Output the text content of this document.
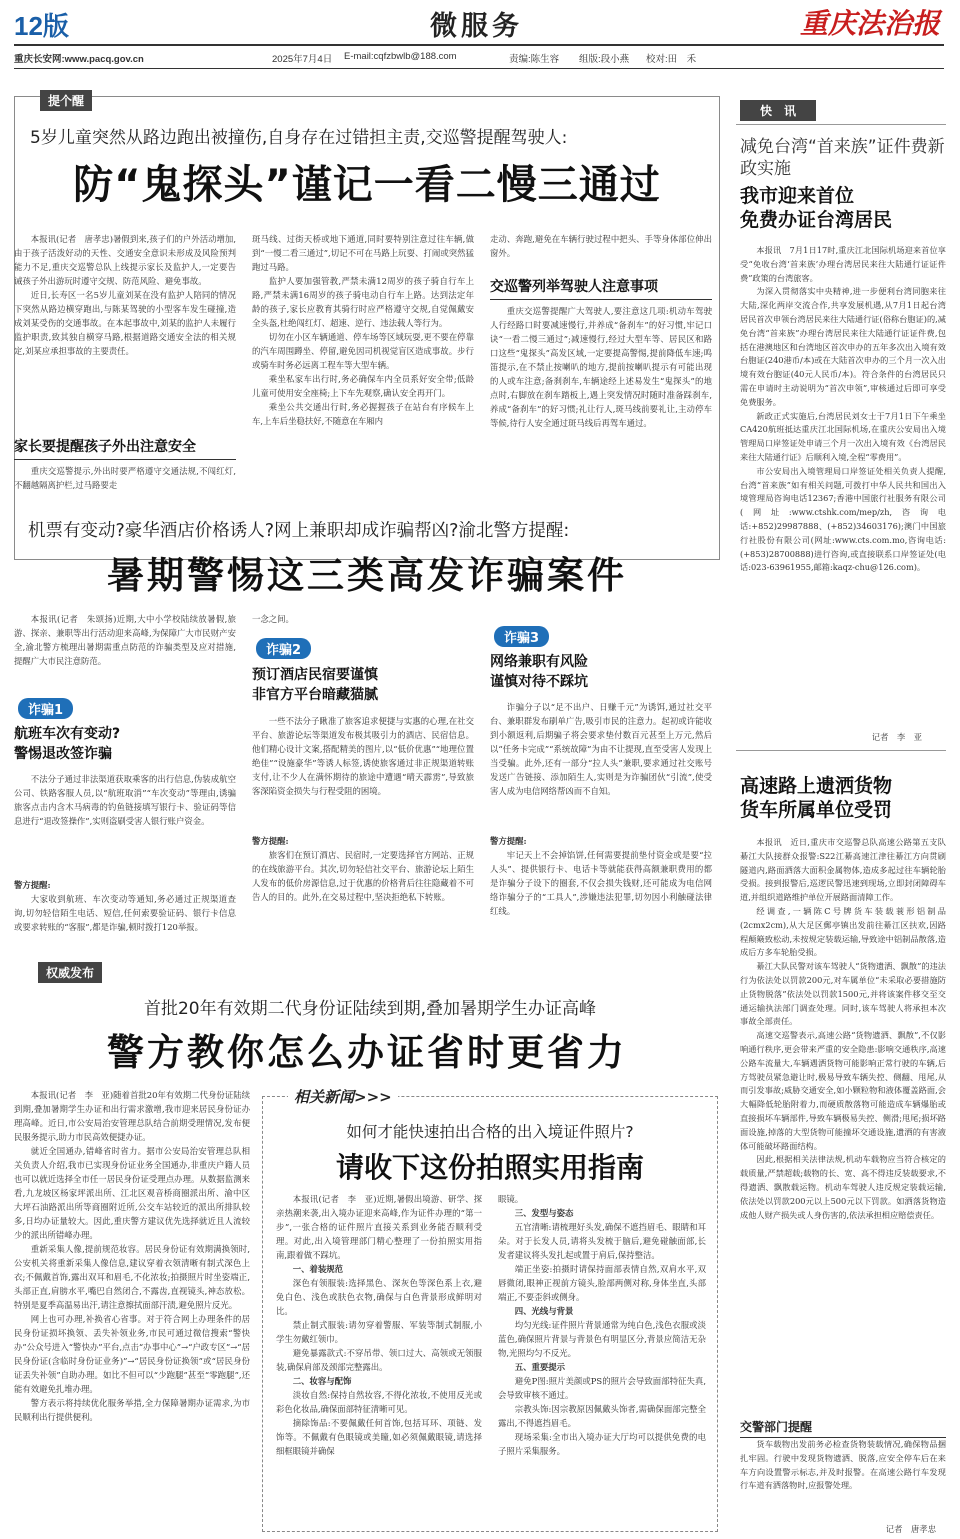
12版	微服务	重庆法治报
重庆长安网:www.pacq.gov.cn	2025年7月4日 E-mail:cqfzbwlb@188.com	责编:陈生容 组版:段小燕 校对:田　禾
提个醒
5岁儿童突然从路边跑出被撞伤,自身存在过错担主责,交巡警提醒驾驶人:
防“鬼探头”谨记一看二慢三通过

本报讯(记者　唐孝忠)暑假到来,孩子们的户外活动增加,由于孩子活泼好动的天性、交通安全意识未形成及风险预判能力不足,重庆交巡警总队上线提示家长及监护人,一定要告诫孩子外出游玩时遵守交规、防范风险、避免事故。

近日,长寿区一名5岁儿童刘某在没有监护人陪同的情况下突然从路边横穿跑出,与陈某驾驶的小型客车发生碰撞,造成刘某受伤的交通事故。在本起事故中,刘某的监护人未履行监护职责,致其独自横穿马路,根据道路交通安全法的相关规定,刘某应承担事故的主要责任。

家长要提醒孩子外出注意安全

重庆交巡警提示,外出时要严格遵守交通法规,不闯红灯,不翻越隔离护栏,过马路要走

斑马线、过街天桥或地下通道,同时要特别注意过往车辆,做到“一慢二看三通过”,切记不可在马路上玩耍、打闹或突然猛跑过马路。

监护人要加强管教,严禁未满12周岁的孩子骑自行车上路,严禁未满16周岁的孩子骑电动自行车上路。达到法定年龄的孩子,家长应教育其骑行时应严格遵守交规,自觉佩戴安全头盔,杜绝闯红灯、超速、逆行、违法载人等行为。

切勿在小区车辆通道、停车场等区域玩耍,更不要在停靠的汽车周围蹲坐、停留,避免因司机视觉盲区造成事故。步行或骑车时务必远离工程车等大型车辆。

乘坐私家车出行时,务必确保车内全员系好安全带;低龄儿童可使用安全座椅;上下车先观察,确认安全再开门。

乘坐公共交通出行时,务必握握孩子在站台有序候车上车,上车后坐稳扶好,不随意在车厢内

走动、奔跑,避免在车辆行驶过程中把头、手等身体部位伸出窗外。

交巡警列举驾驶人注意事项

重庆交巡警提醒广大驾驶人,要注意这几项:机动车驾驶人行经路口时要减速慢行,并养成“备刹车”的好习惯,牢记口诀“一看二慢三通过”;减速慢行,经过大型车等、居民区和路口这些“鬼探头”高发区域,一定要提高警惕,提前降低车速;鸣笛提示,在不禁止按喇叭的地方,提前按喇叭提示有可能出现的人或车注意;备刹刹车,车辆途经上述易发生“鬼探头”的地点时,右脚放在刹车踏板上,遇上突发情况时随时准备踩刹车,养成“备刹车”的好习惯;礼让行人,斑马线前要礼让,主动停车等候,待行人安全通过斑马线后再驾车通过。

机票有变动?豪华酒店价格诱人?网上兼职却成诈骗帮凶?渝北警方提醒:
暑期警惕这三类高发诈骗案件

本报讯(记者　朱颂扬)近期,大中小学校陆续放暑假,旅游、探亲、兼职等出行活动迎来高峰,为保障广大市民财产安全,渝北警方梳理出暑期需重点防范的诈骗类型及应对措施,提醒广大市民注意防范。

诈骗1
航班车次有变动?
警惕退改签诈骗

不法分子通过非法渠道获取乘客的出行信息,伪装成航空公司、铁路客服人员,以“航班取消”“车次变动”等理由,诱骗旅客点击内含木马病毒的钓鱼链接填写银行卡、验证码等信息进行“退改签操作”,实则盗刷受害人银行账户资金。

警方提醒:

大家收到航班、车次变动等通知,务必通过正规渠道查询,切勿轻信陌生电话、短信,任何索要验证码、银行卡信息或要求转账的“客服”,都是诈骗,顿时拨打120举报。

一念之间。

诈骗2
预订酒店民宿要谨慎
非官方平台暗藏猫腻

一些不法分子瞅准了旅客追求便捷与实惠的心理,在社交平台、旅游论坛等渠道发布极其吸引力的酒店、民宿信息。他们精心设计文案,搭配精美的图片,以“低价优惠”“地理位置绝佳”“设施豪华”等诱人标签,诱使旅客通过非正规渠道转账支付,让不少人在满怀期待的旅途中遭遇“晴天霹雳”,导致旅客深陷资金损失与行程受阻的困境。

警方提醒:

旅客们在预订酒店、民宿时,一定要选择官方网站、正规的在线旅游平台。其次,切勿轻信社交平台、旅游论坛上陌生人发布的低价房源信息,过于优惠的价格背后往往隐藏着不可告人的目的。此外,在交易过程中,坚决拒绝私下转账。

诈骗3
网络兼职有风险
谨慎对待不踩坑

诈骗分子以“足不出户、日赚千元”为诱饵,通过社交平台、兼职群发布刷单广告,吸引市民的注意力。起初或许能收到小额返利,后期骗子将会要求垫付数百元甚至上万元,然后以“任务卡完成”“系统故障”为由不让提现,直至受害人发现上当受骗。此外,还有一部分“拉人头”兼职,要求通过社交账号发送广告链接、添加陌生人,实则是为诈骗团伙“引流”,使受害人成为电信网络帮凶而不自知。

警方提醒:

牢记天上不会掉馅饼,任何需要提前垫付资金或是要“拉人头”、提供银行卡、电话卡等就能获得高额兼职费用的都是诈骗分子设下的圈套,不仅会损失钱财,还可能成为电信网络诈骗分子的“工具人”,涉嫌违法犯罪,切勿因小利触碰法律红线。

权威发布
首批20年有效期二代身份证陆续到期,叠加暑期学生办证高峰
警方教你怎么办证省时更省力

本报讯(记者　李　亚)随着首批20年有效期二代身份证陆续到期,叠加暑期学生办证和出行需求激增,我市迎来居民身份证办理高峰。近日,市公安局治安管理总队结合前期受理情况,发布便民服务提示,助力市民高效便捷办证。

就近全国通办,错峰省时省力。据市公安局治安管理总队相关负责人介绍,我市已实现身份证业务全国通办,非重庆户籍人员也可以就近选择全市任一居民身份证受理点办理。从数据监测来看,九龙坡区杨家坪派出所、江北区观音桥商圈派出所、渝中区大坪石油路派出所等商圈附近所,公交车站较近的派出所排队较多,日均办证量较大。因此,重庆警方建议优先选择就近且人流较少的派出所错峰办理。

重新采集人像,提前规范妆容。居民身份证有效期满换领时,公安机关将重新采集人像信息,建议穿着衣领清晰有制式深色上衣;不佩戴首饰,露出双耳和眉毛,不化浓妆;拍摄照片时坐姿端正,头部正直,肩膀水平,嘴巴自然闭合,不露齿,直视镜头,神态放松。特别是夏季高温易出汗,请注意擦拭面部汗渍,避免照片反光。

网上也可办理,补换省心省事。对于符合网上办理条件的居民身份证损坏换领、丢失补领业务,市民可通过微信搜索“警快办”公众号进入“警快办”平台,点击“办事中心”→“户政专区”→“居民身份证(含临时身份证业务)”→“居民身份证换领”或“居民身份证丢失补领”自助办理。如比不但可以“少跑腿”甚至“零跑腿”,还能有效避免扎堆办理。

警方表示将持续优化服务举措,全力保障暑期办证需求,为市民顺利出行提供便利。

相关新闻>>>
如何才能快速拍出合格的出入境证件照片?
请收下这份拍照实用指南

本报讯(记者　李　亚)近期,暑假出境游、研学、探亲热潮来袭,出入境办证迎来高峰,作为证件办理的“第一步”,一张合格的证件照片直接关系到业务能否顺利受理。对此,出入境管理部门精心整理了一份拍照实用指南,跟着做不踩坑。

一、着装规范

深色有领服装:选择黑色、深灰色等深色系上衣,避免白色、浅色或肤色衣物,确保与白色背景形成鲜明对比。

禁止制式服装:请勿穿着警服、军装等制式制服,小学生勿戴红领巾。

避免暴露款式:不穿吊带、领口过大、高领或无领服装,确保肩部及颈部完整露出。

二、妆容与配饰

淡妆自然:保持自然妆容,不得化浓妆,不使用反光或彩色化妆品,确保面部特征清晰可见。

摘除饰品:不要佩戴任何首饰,包括耳环、项链、发饰等。不佩戴有色眼镜或美瞳,如必须佩戴眼镜,请选择细框眼镜并确保

眼镜。

三、发型与姿态

五官清晰:请梳理好头发,确保不遮挡眉毛、眼睛和耳朵。对于长发人员,请将头发梳于脑后,避免碰触面部,长发者建议将头发扎起或置于肩后,保持整洁。

端正坐姿:拍摄时请保持面部表情自然,双肩水平,双唇微闭,眼神正视前方镜头,脸部两侧对称,身体坐直,头部端正,不要歪斜或侧身。

四、光线与背景

均匀光线:证件照片背景通常为纯白色,浅色衣服或淡蓝色,确保照片背景与背景色有明显区分,背景应简洁无杂物,光照均匀不反光。

五、重要提示

避免P图:照片美颜或PS的照片会导致面部特征失真,会导致审核不通过。

宗教头饰:因宗教原因佩戴头饰者,需确保面部完整全露出,不得遮挡眉毛。

现场采集:全市出入境办证大厅均可以提供免费的电子照片采集服务。

快　讯
减免台湾“首来族”证件费新政实施
我市迎来首位
免费办证台湾居民

本报讯　7月1日17时,重庆江北国际机场迎来首位享受“免收台湾‘首来族’办理台湾居民来往大陆通行证证件费”政策的台湾旅客。

为深入贯彻落实中央精神,进一步便利台湾同胞来往大陆,深化两岸交流合作,共享发展机遇,从7月1日起台湾居民首次申领台湾居民来往大陆通行证(俗称台胞证)的,减免台湾“首来族”办理台湾居民来往大陆通行证证件费,包括在港澳地区和台湾地区首次申办的五年多次出入境有效台胞证(240港币/本)或在大陆首次申办的三个月一次入出境有效台胞证(40元人民币/本)。符合条件的台湾居民只需在申请时主动说明为“首次申领”,审核通过后即可享受免费服务。

新政正式实施后,台湾居民刘女士于7月1日下午乘坐CA420航班抵达重庆江北国际机场,在重庆公安局出入境管理局口岸签证处申请三个月一次出入境有效《台湾居民来往大陆通行证》后顺利入境,全程“零费用”。

市公安局出入境管理局口岸签证处相关负责人提醒,台湾“首来族”如有相关问题,可拨打中华人民共和国出入境管理局咨询电话12367;香港中国旅行社服务有限公司(网址:www.ctshk.com/mep/zh,咨询电话:+852)29987888、(+852)34603176);澳门中国旅行社股份有限公司(网址:www.cts.com.mo,咨询电话:(+853)28700888)进行咨询,或直接联系口岸签证处(电话:023-63961955,邮箱:kaqz-chu@126.com)。

记者　李　亚
高速路上遗洒货物
货车所属单位受罚

本报讯　近日,重庆市交巡警总队高速公路第五支队綦江大队接群众报警:S22江綦高速江津往綦江方向贯刷隧道内,路面洒落大面积金属物体,造成多起过往车辆轮胎受损。接到报警后,巡逻民警迅速到现场,立即封闭障碍车道,并组织道路维护单位开展路面清障工作。

经调查,一辆陈C号牌货车装载蓑形铝制品(2cmx2cm),从大足区郵亭镇出发前往綦江区扶欢,因路程颠簸致松动,未按规定装载运输,导致途中铝制品散落,造成后方多车轮胎受损。

綦江大队民警对该车驾驶人“货物遗洒、飘散”的违法行为依法处以罚款200元,对车属单位“未采取必要措施防止货物脱落”依法处以罚款1500元,并将该案件移交至交通运输执法部门调查处理。同时,该车驾驶人将承担本次事故全部责任。

高速交巡警表示,高速公路“货物遗洒、飘散”,不仅影响通行秩序,更会带来严重的安全隐患:影响交通秩序,高速公路车流量大,车辆遇洒货物可能影响正常行驶的车辆,后方驾驶员紧急避让时,极易导致车辆失控、侧翻、甩尾,从而引发事故;威胁交通安全,如小颗粒物和液体覆盖路面,会大幅降低轮胎附着力,而硬质散落物可能造成车辆爆胎或直接损坏车辆部件,导致车辆极易失控、侧滑;甩尾;损坏路面设施,掉落的大型货物可能撞坏交通设施,遗洒的有害液体可能破坏路面结构。

因此,根据相关法律法规,机动车载物应当符合核定的载质量,严禁超载;载物的长、宽、高不得违反装载要求,不得遗洒、飘散载运物。机动车驾驶人违反规定装载运输,依法处以罚款200元以上500元以下罚款。如洒落货物造成他人财产损失或人身伤害的,依法承担相应赔偿责任。

交警部门提醒

货车载物出发前务必检查货物装载情况,确保物品捆扎牢固。行驶中发现货物遗洒、脱落,应安全停车后在来车方向设置警示标志,并及时报警。在高速公路行车发现行车道有洒落物时,应报警处理。

记者　唐孝忠
